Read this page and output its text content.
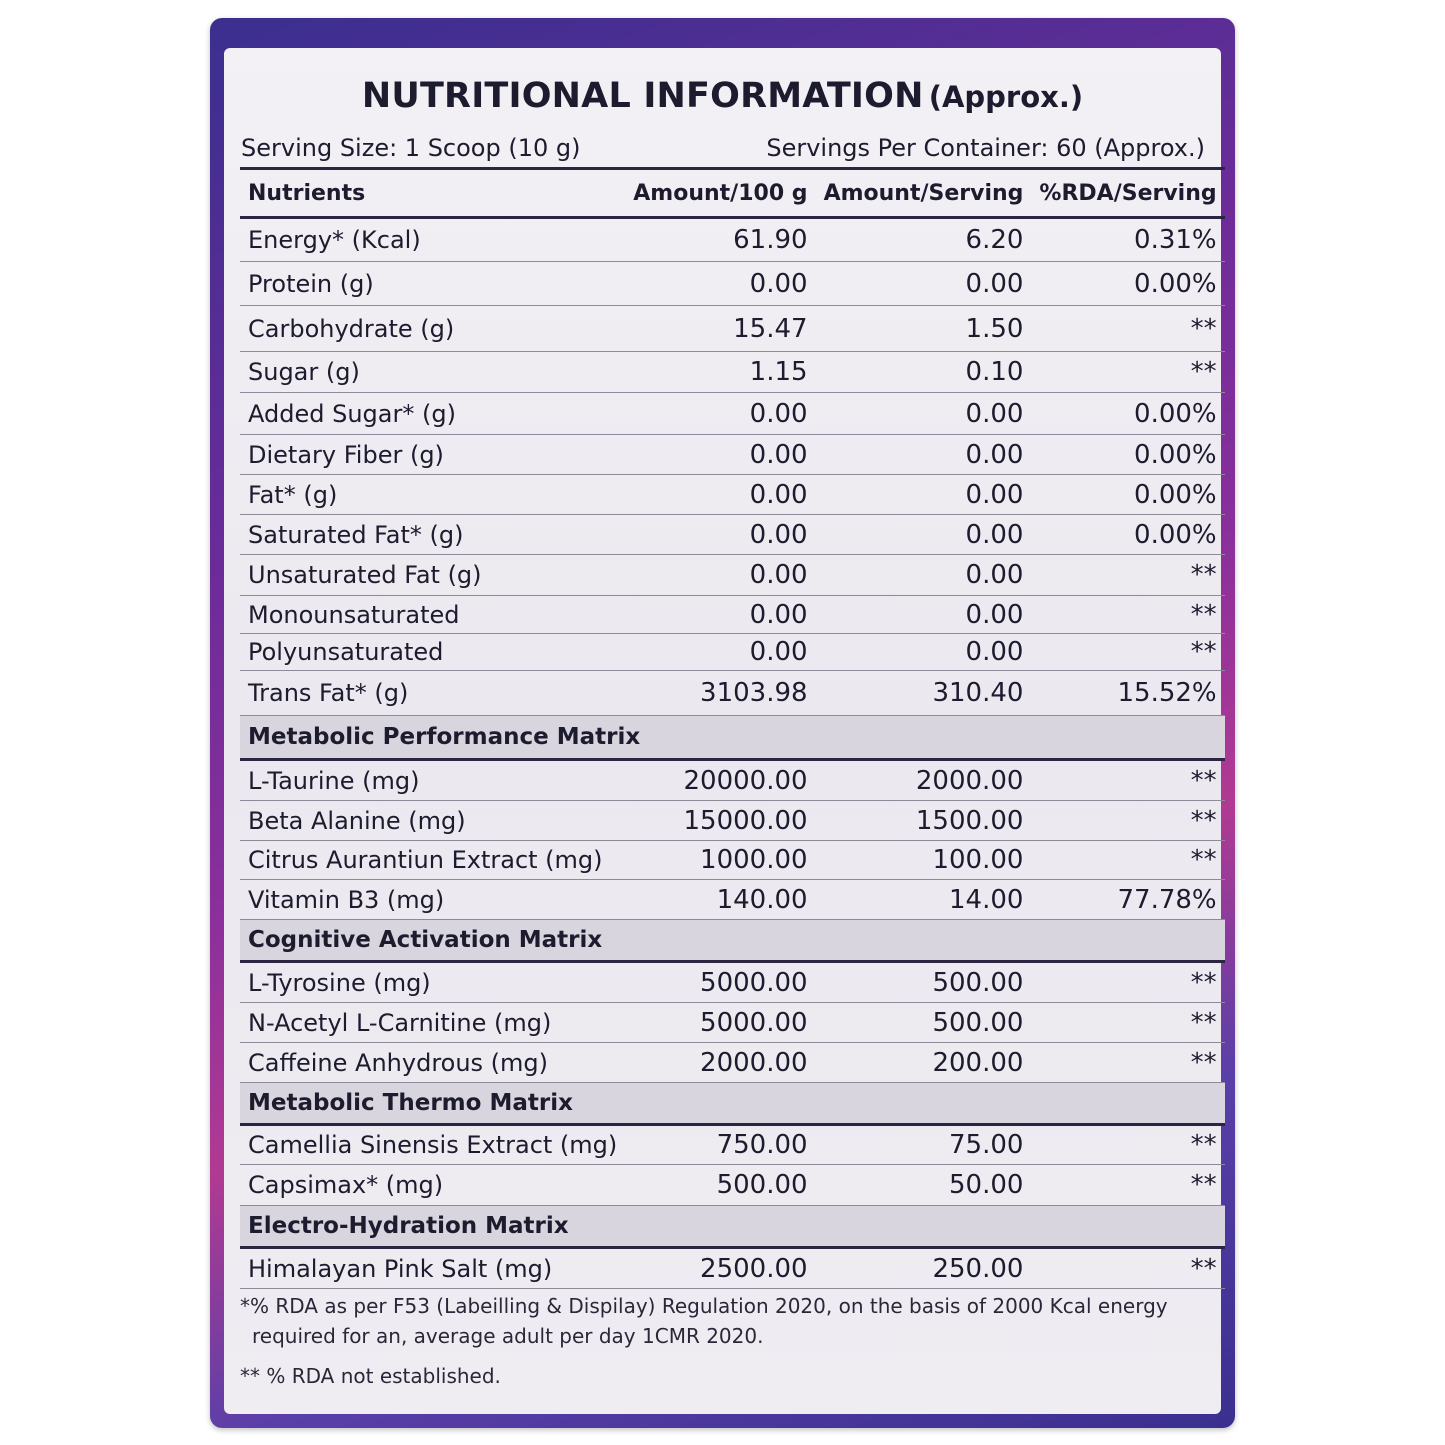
NUTRITIONAL INFORMATION (Approx.)
Serving Size: 1 Scoop (10 g)	Servings Per Container: 60 (Approx.)
Nutrients	Amount/100 g	Amount/Serving	%RDA/Serving
Energy* (Kcal)	61.90	6.20	0.31%
Protein (g)	0.00	0.00	0.00%
Carbohydrate (g)	15.47	1.50	**
Sugar (g)	1.15	0.10	**
Added Sugar* (g)	0.00	0.00	0.00%
Dietary Fiber (g)	0.00	0.00	0.00%
Fat* (g)	0.00	0.00	0.00%
Saturated Fat* (g)	0.00	0.00	0.00%
Unsaturated Fat (g)	0.00	0.00	**
Monounsaturated	0.00	0.00	**
Polyunsaturated	0.00	0.00	**
Trans Fat* (g)	3103.98	310.40	15.52%
Metabolic Performance Matrix			
L-Taurine (mg)	20000.00	2000.00	**
Beta Alanine (mg)	15000.00	1500.00	**
Citrus Aurantiun Extract (mg)	1000.00	100.00	**
Vitamin B3 (mg)	140.00	14.00	77.78%
Cognitive Activation Matrix			
L-Tyrosine (mg)	5000.00	500.00	**
N-Acetyl L-Carnitine (mg)	5000.00	500.00	**
Caffeine Anhydrous (mg)	2000.00	200.00	**
Metabolic Thermo Matrix			
Camellia Sinensis Extract (mg)	750.00	75.00	**
Capsimax* (mg)	500.00	50.00	**
Electro-Hydration Matrix			
Himalayan Pink Salt (mg)	2500.00	250.00	**
*% RDA as per F53 (Labeilling & Dispilay) Regulation 2020, on the basis of 2000 Kcal energy
required for an, average adult per day 1CMR 2020.
** % RDA not established.
